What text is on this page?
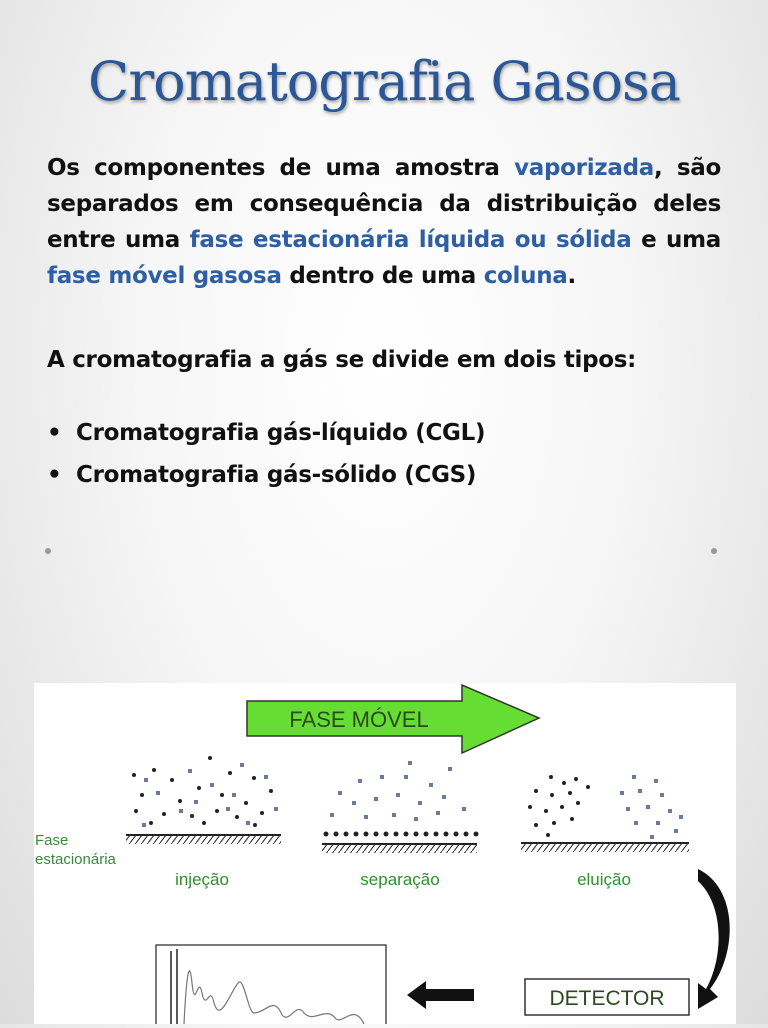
Cromatografia Gasosa

Os componentes de uma amostra vaporizada, são separados em consequência da distribuição deles entre uma fase estacionária líquida ou sólida e uma fase móvel gasosa dentro de uma coluna.

A cromatografia a gás se divide em dois tipos:

• Cromatografia gás-líquido (CGL)
• Cromatografia gás-sólido (CGS)
FASE MÓVEL
Fase
estacionária
injeção	separação	eluição
DETECTOR
